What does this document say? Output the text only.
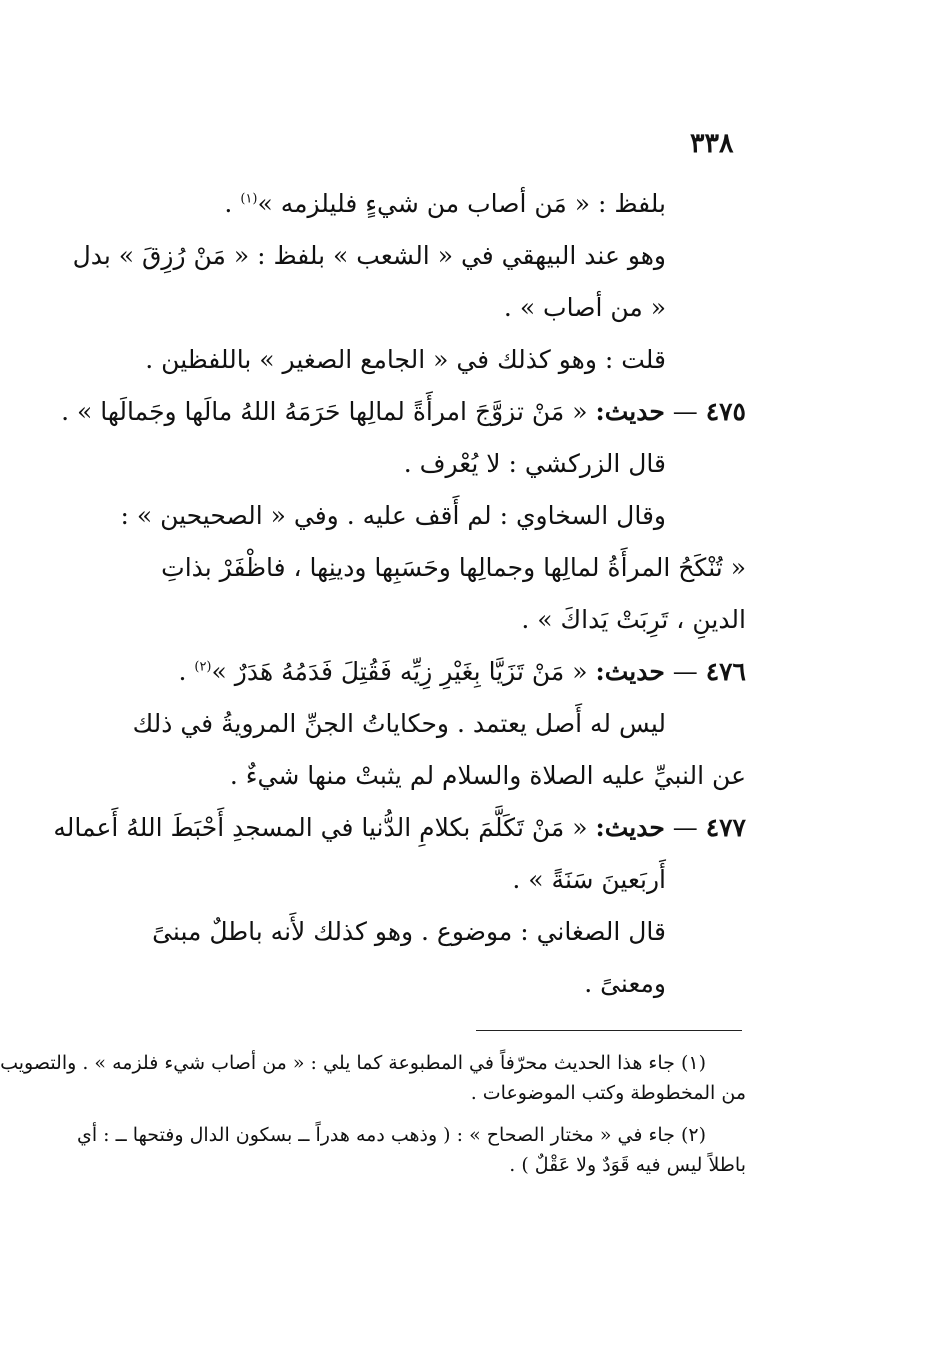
٣٣٨
بلفظ : « مَن أصاب من شيءٍ فليلزمه »$^{(١)}$ .
وهو عند البيهقي في « الشعب » بلفظ : « مَنْ رُزِقَ » بدل
« من أصاب » .
قلت : وهو كذلك في « الجامع الصغير » باللفظين .
٤٧٥ — حديث: « مَنْ تزوَّجَ امرأَةً لمالِها حَرَمَهُ اللهُ مالَها وجَمالَها » .
قال الزركشي : لا يُعْرف .
وقال السخاوي : لم أَقف عليه . وفي « الصحيحين » :
« تُنْكَحُ المرأَةُ لمالِها وجمالِها وحَسَبِها ودينِها ، فاظْفَرْ بذاتِ
الدينِ ، تَرِبَتْ يَداكَ » .
٤٧٦ — حديث: « مَنْ تَزَيَّا بِغَيْرِ زِيِّه فَقُتِلَ فَدَمُهُ هَدَرٌ »$^{(٢)}$ .
ليس له أَصل يعتمد . وحكاياتُ الجنِّ المرويةُ في ذلك
عن النبيِّ عليه الصلاة والسلام لم يثبتْ منها شيءٌ .
٤٧٧ — حديث: « مَنْ تَكَلَّمَ بكلامِ الدُّنيا في المسجدِ أَحْبَطَ اللهُ أَعماله
أَربَعينَ سَنَةً » .
قال الصغاني : موضوع . وهو كذلك لأَنه باطلٌ مبنىً
ومعنىً .
(١) جاء هذا الحديث محرّفاً في المطبوعة كما يلي : « من أصاب شيء فلزمه » . والتصويب
من المخطوطة وكتب الموضوعات .
(٢) جاء في « مختار الصحاح » : ( وذهب دمه هدراً ــ بسكون الدال وفتحها ــ : أي
باطلاً ليس فيه قَوَدٌ ولا عَقْلٌ ) .
